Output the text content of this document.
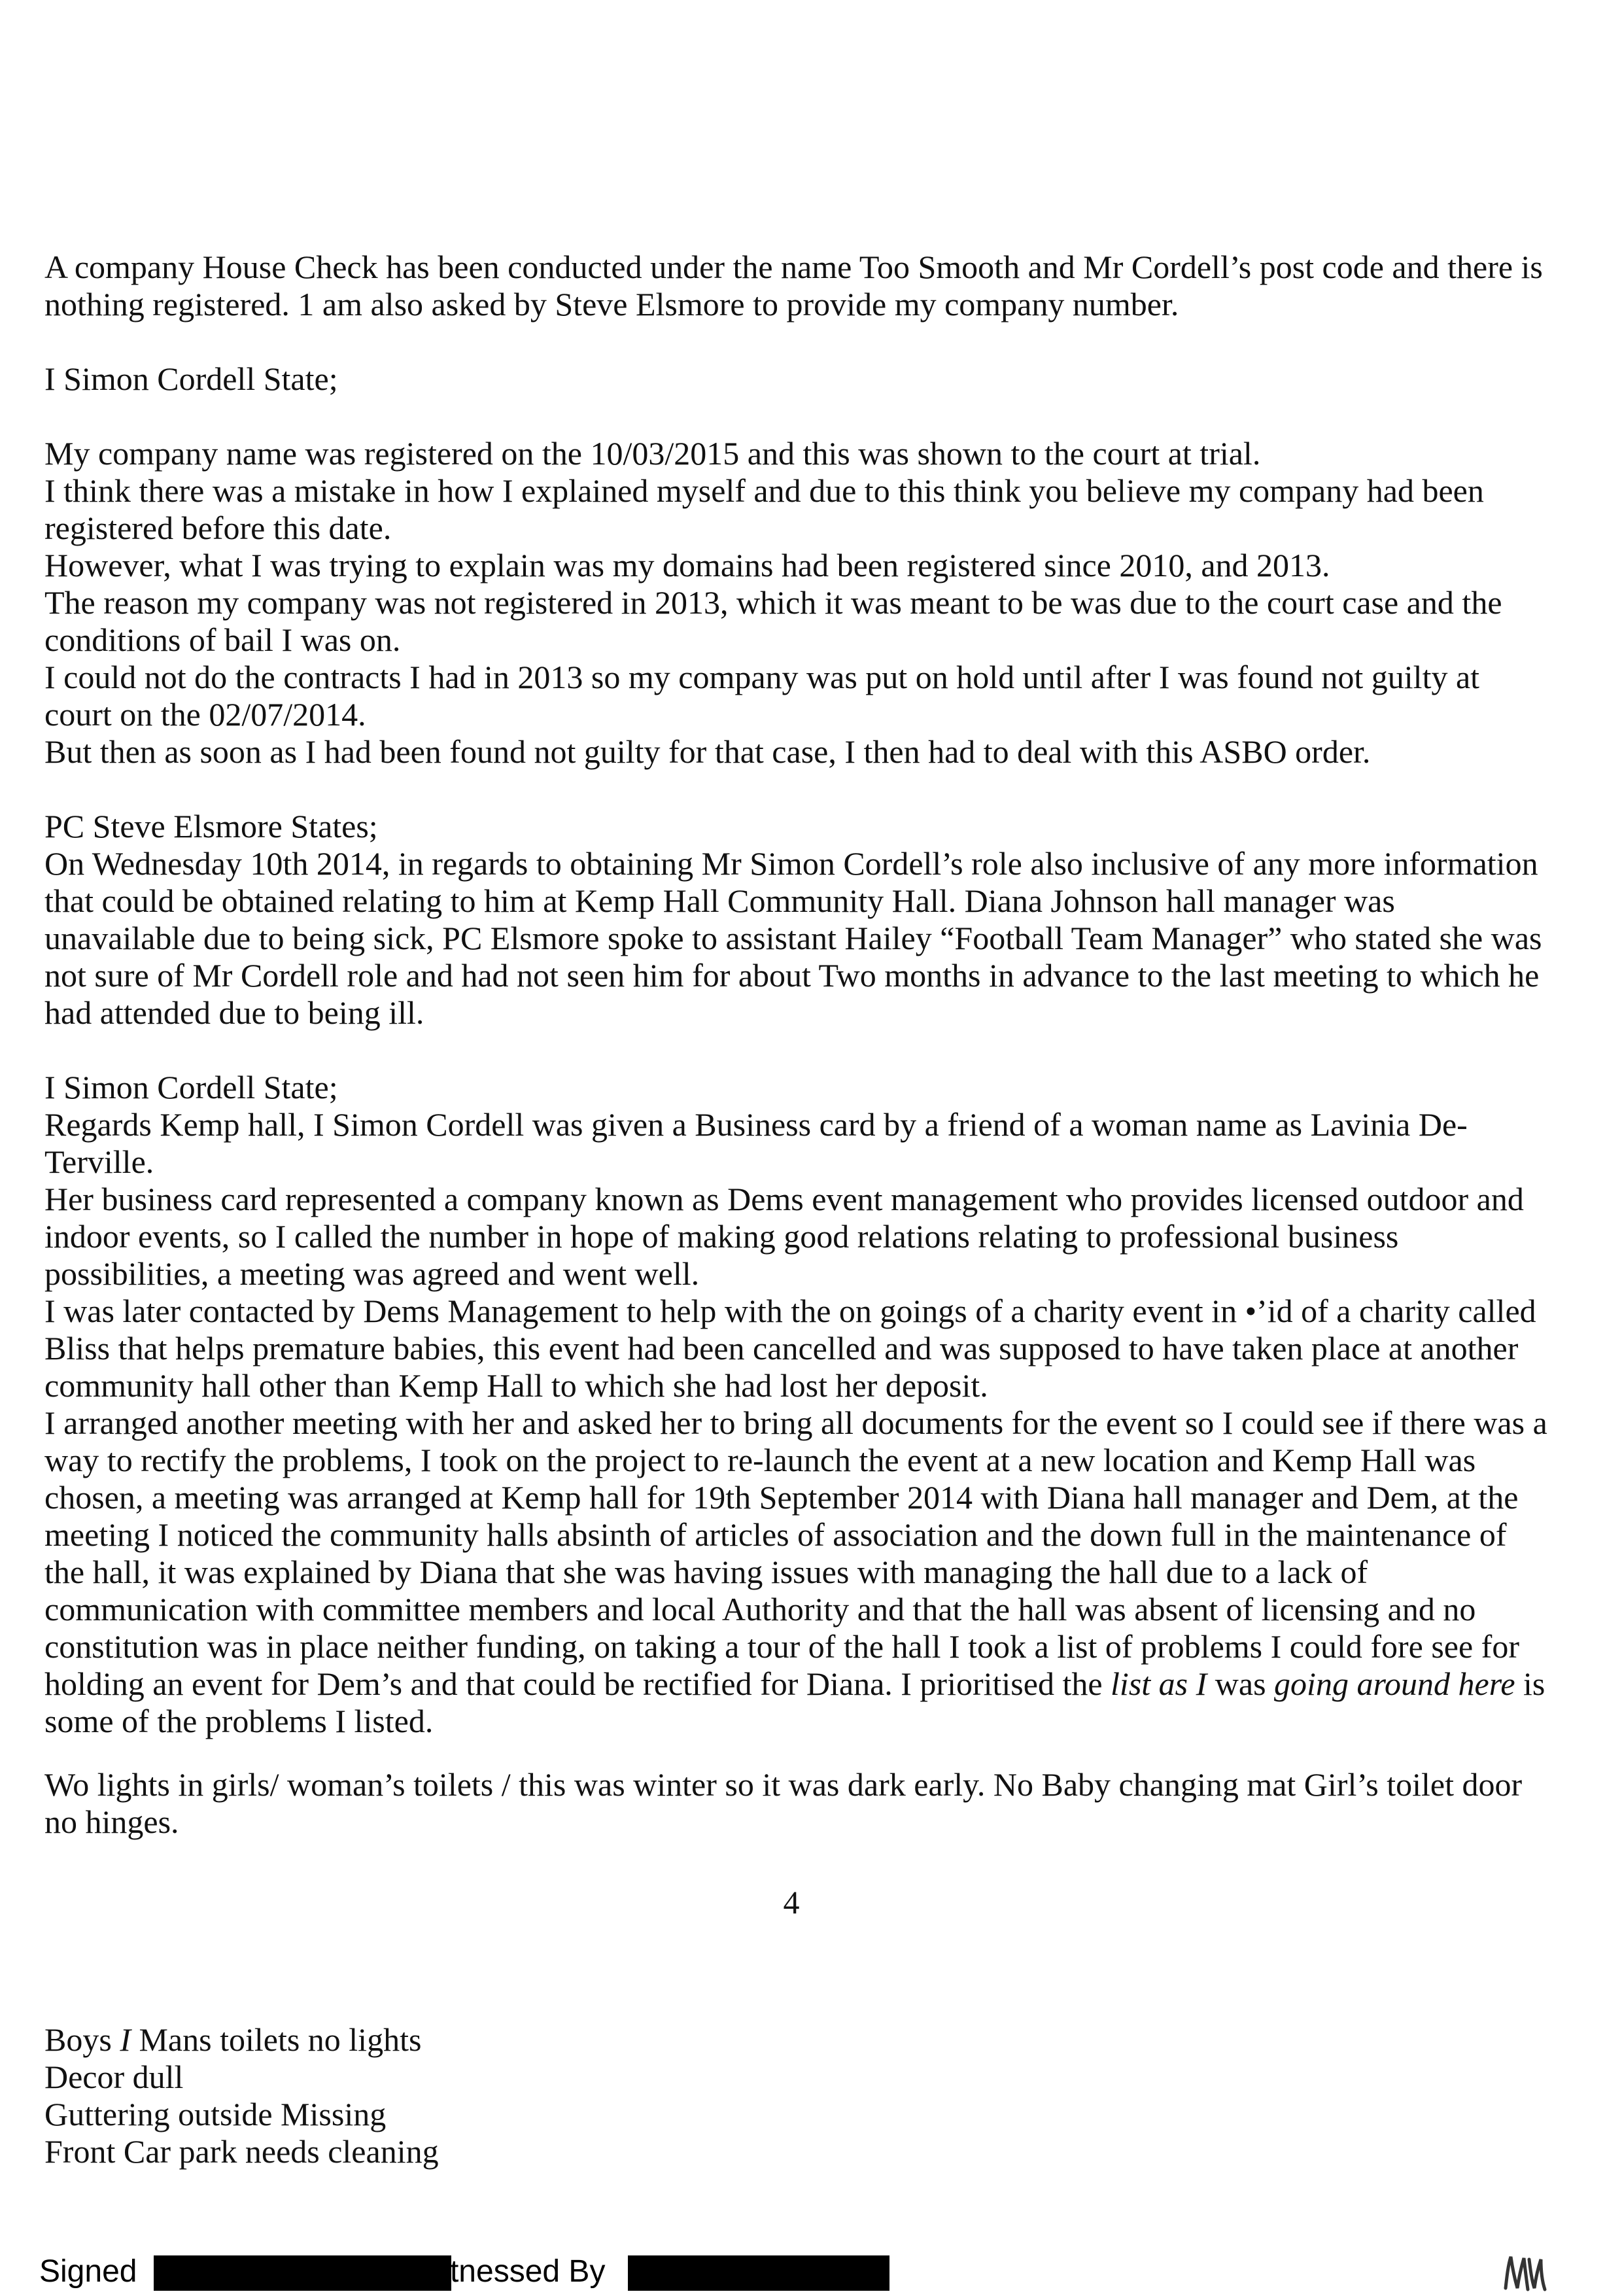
A company House Check has been conducted under the name Too Smooth and Mr Cordell’s post code and there is nothing registered. 1 am also asked by Steve Elsmore to provide my company number.

I Simon Cordell State;

My company name was registered on the 10/03/2015 and this was shown to the court at trial.

I think there was a mistake in how I explained myself and due to this think you believe my company had been registered before this date.

However, what I was trying to explain was my domains had been registered since 2010, and 2013.

The reason my company was not registered in 2013, which it was meant to be was due to the court case and the conditions of bail I was on.

I could not do the contracts I had in 2013 so my company was put on hold until after I was found not guilty at court on the 02/07/2014.

But then as soon as I had been found not guilty for that case, I then had to deal with this ASBO order.

PC Steve Elsmore States;

On Wednesday 10th 2014, in regards to obtaining Mr Simon Cordell’s role also inclusive of any more information that could be obtained relating to him at Kemp Hall Community Hall. Diana Johnson hall manager was unavailable due to being sick, PC Elsmore spoke to assistant Hailey “Football Team Manager” who stated she was not sure of Mr Cordell role and had not seen him for about Two months in advance to the last meeting to which he had attended due to being ill.

I Simon Cordell State;

Regards Kemp hall, I Simon Cordell was given a Business card by a friend of a woman name as Lavinia De-Terville.

Her business card represented a company known as Dems event management who provides licensed outdoor and indoor events, so I called the number in hope of making good relations relating to professional business possibilities, a meeting was agreed and went well.

I was later contacted by Dems Management to help with the on goings of a charity event in •’id of a charity called Bliss that helps premature babies, this event had been cancelled and was supposed to have taken place at another community hall other than Kemp Hall to which she had lost her deposit.

I arranged another meeting with her and asked her to bring all documents for the event so I could see if there was a way to rectify the problems, I took on the project to re-launch the event at a new location and Kemp Hall was chosen, a meeting was arranged at Kemp hall for 19th September 2014 with Diana hall manager and Dem, at the meeting I noticed the community halls absinth of articles of association and the down full in the maintenance of the hall, it was explained by Diana that she was having issues with managing the hall due to a lack of communication with committee members and local Authority and that the hall was absent of licensing and no constitution was in place neither funding, on taking a tour of the hall I took a list of problems I could fore see for holding an event for Dem’s and that could be rectified for Diana. I prioritised the list as I was going around here is some of the problems I listed.

Wo lights in girls/ woman’s toilets / this was winter so it was dark early. No Baby changing mat Girl’s toilet door no hinges.

4

Boys I Mans toilets no lights

Decor dull

Guttering outside Missing

Front Car park needs cleaning

Signed	Witnessed By
